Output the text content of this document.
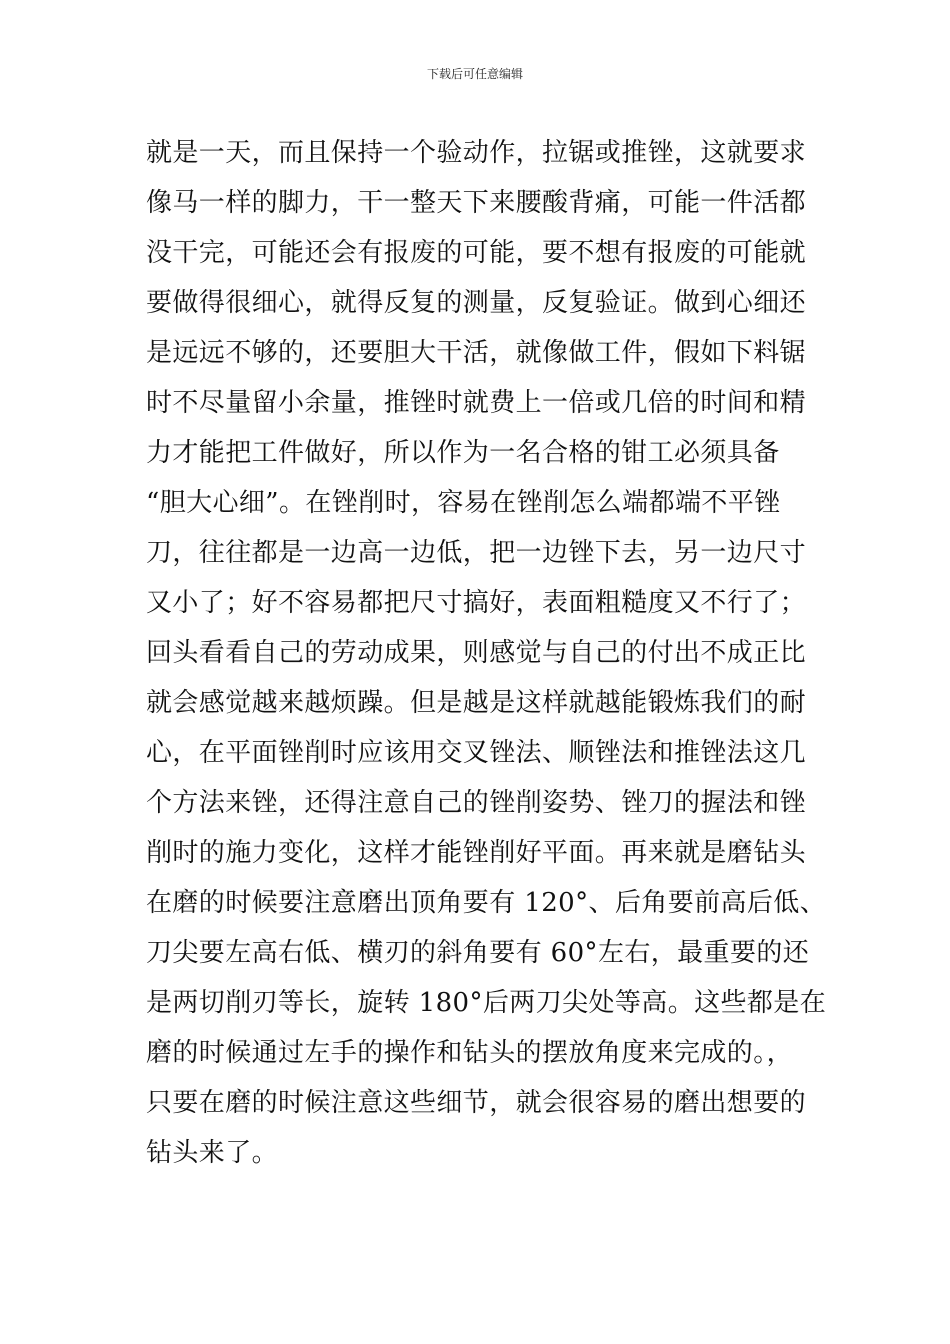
下载后可任意编辑
就是一天，而且保持一个验动作，拉锯或推锉，这就要求
像马一样的脚力，干一整天下来腰酸背痛，可能一件活都
没干完，可能还会有报废的可能，要不想有报废的可能就
要做得很细心，就得反复的测量，反复验证。做到心细还
是远远不够的，还要胆大干活，就像做工件，假如下料锯
时不尽量留小余量，推锉时就费上一倍或几倍的时间和精
力才能把工件做好，所以作为一名合格的钳工必须具备
“胆大心细”。在锉削时，容易在锉削怎么端都端不平锉
刀，往往都是一边高一边低，把一边锉下去，另一边尺寸
又小了；好不容易都把尺寸搞好，表面粗糙度又不行了；
回头看看自己的劳动成果，则感觉与自己的付出不成正比
就会感觉越来越烦躁。但是越是这样就越能锻炼我们的耐
心，在平面锉削时应该用交叉锉法、顺锉法和推锉法这几
个方法来锉，还得注意自己的锉削姿势、锉刀的握法和锉
削时的施力变化，这样才能锉削好平面。再来就是磨钻头
在磨的时候要注意磨出顶角要有 120°、后角要前高后低、
刀尖要左高右低、横刃的斜角要有 60°左右，最重要的还
是两切削刃等长，旋转 180°后两刀尖处等高。这些都是在
磨的时候通过左手的操作和钻头的摆放角度来完成的。，
只要在磨的时候注意这些细节，就会很容易的磨出想要的
钻头来了。
